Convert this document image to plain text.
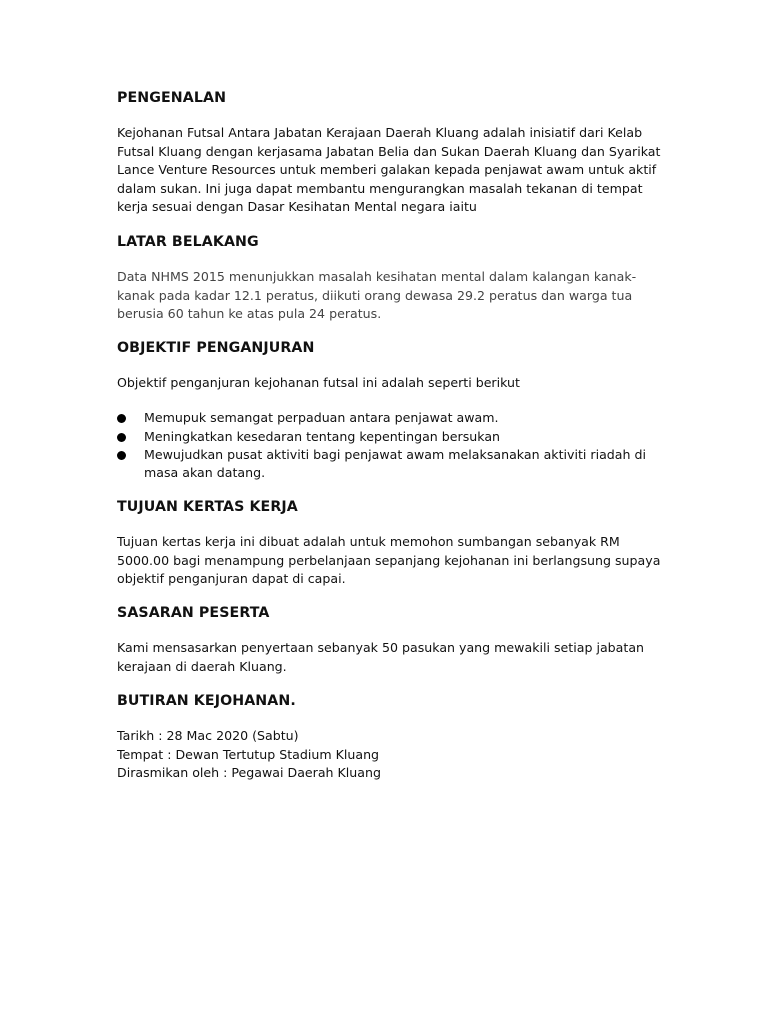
PENGENALAN

Kejohanan Futsal Antara Jabatan Kerajaan Daerah Kluang adalah inisiatif dari Kelab Futsal Kluang dengan kerjasama Jabatan Belia dan Sukan Daerah Kluang dan Syarikat Lance Venture Resources untuk memberi galakan kepada penjawat awam untuk aktif dalam sukan. Ini juga dapat membantu mengurangkan masalah tekanan di tempat kerja sesuai dengan Dasar Kesihatan Mental negara iaitu

LATAR BELAKANG

Data NHMS 2015 menunjukkan masalah kesihatan mental dalam kalangan kanak-kanak pada kadar 12.1 peratus, diikuti orang dewasa 29.2 peratus dan warga tua berusia 60 tahun ke atas pula 24 peratus.

OBJEKTIF PENGANJURAN

Objektif penganjuran kejohanan futsal ini adalah seperti berikut

Memupuk semangat perpaduan antara penjawat awam.
Meningkatkan kesedaran tentang kepentingan bersukan
Mewujudkan pusat aktiviti bagi penjawat awam melaksanakan aktiviti riadah di masa akan datang.
TUJUAN KERTAS KERJA

Tujuan kertas kerja ini dibuat adalah untuk memohon sumbangan sebanyak RM 5000.00 bagi menampung perbelanjaan sepanjang kejohanan ini berlangsung supaya objektif penganjuran dapat di capai.

SASARAN PESERTA

Kami mensasarkan penyertaan sebanyak 50 pasukan yang mewakili setiap jabatan kerajaan di daerah Kluang.

BUTIRAN KEJOHANAN.
Tarikh : 28 Mac 2020 (Sabtu)
Tempat : Dewan Tertutup Stadium Kluang
Dirasmikan oleh : Pegawai Daerah Kluang
